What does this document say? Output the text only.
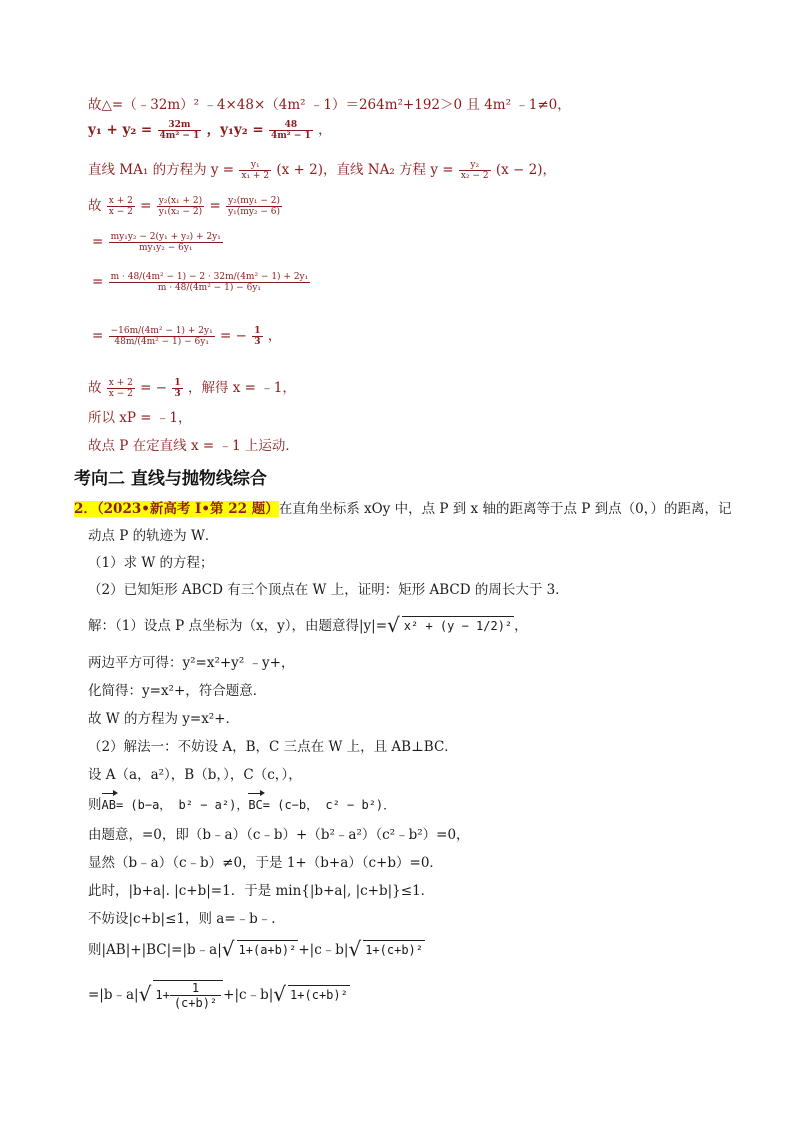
故△=（﹣32m）² ﹣4×48×（4m² ﹣1）＝264m²+192＞0 且 4m² ﹣1≠0，
$y_1 + y_2 = \frac{32m}{\text{4m² − 1}}$ ，$y_1y_2 = \frac{48}{\text{4m² − 1}}$ ，
直线 MA₁ 的方程为 $y = \frac{\text{y₁}}{\text{x₁ + 2}} (x + 2)$，直线 NA₂ 方程 $y = \frac{\text{y₂}}{\text{x₂ − 2}} (x - 2)$，
故 $\frac{x + 2}{x - 2} = \frac{\text{y₂(x₁ + 2)}}{\text{y₁(x₂ − 2)}} = \frac{\text{y₂(my₁ − 2)}}{\text{y₁(my₂ − 6)}}$
= $\frac{\text{my₁y₂ − 2(y₁ + y₂) + 2y₁}}{\text{my₁y₂ − 6y₁}}$
= $\frac{\text{m · 48/(4m² − 1) − 2 · 32m/(4m² − 1) + 2y₁}}{\text{m · 48/(4m² − 1) − 6y₁}}$
= $\frac{\text{−16m/(4m² − 1) + 2y₁}}{\text{48m/(4m² − 1) − 6y₁}}$ = − $\frac{1}{3}$ ，
故 $\frac{x + 2}{x - 2}$ = − $\frac{1}{3}$ ，解得 x = ﹣1，
所以 xP = ﹣1，
故点 P 在定直线 x = ﹣1 上运动．
考向二 直线与抛物线综合
2．（2023•新高考 I•第 22 题）在直角坐标系 xOy 中，点 P 到 x 轴的距离等于点 P 到点（0，）的距离，记
动点 P 的轨迹为 W．
（1）求 W 的方程；
（2）已知矩形 ABCD 有三个顶点在 W 上，证明：矩形 ABCD 的周长大于 3．
解：（1）设点 P 点坐标为（x，y），由题意得|y|=√ x² + (y − 1/2)² ，
两边平方可得：y²=x²+y² ﹣y+，
化简得：y=x²+，符合题意．
故 W 的方程为 y=x²+．
（2）解法一：不妨设 A，B，C 三点在 W 上，且 AB⊥BC．
设 A（a，a²），B（b，），C（c，），
则AB= (b−a， b² − a²)，BC= (c−b， c² − b²)．
由题意，=0，即（b﹣a）（c﹣b）+（b²﹣a²）（c²﹣b²）=0，
显然（b﹣a）（c﹣b）≠0，于是 1+（b+a）（c+b）=0．
此时，|b+a|. |c+b|=1．于是 min{|b+a|, |c+b|}≤1．
不妨设|c+b|≤1，则 a=﹣b﹣.
则|AB|+|BC|=|b﹣a|√ 1+(a+b)² +|c﹣b|√ 1+(c+b)²
=|b﹣a|√ $1+ \frac{1}{\text{(c+b)²}}$ +|c﹣b|√ 1+(c+b)²
